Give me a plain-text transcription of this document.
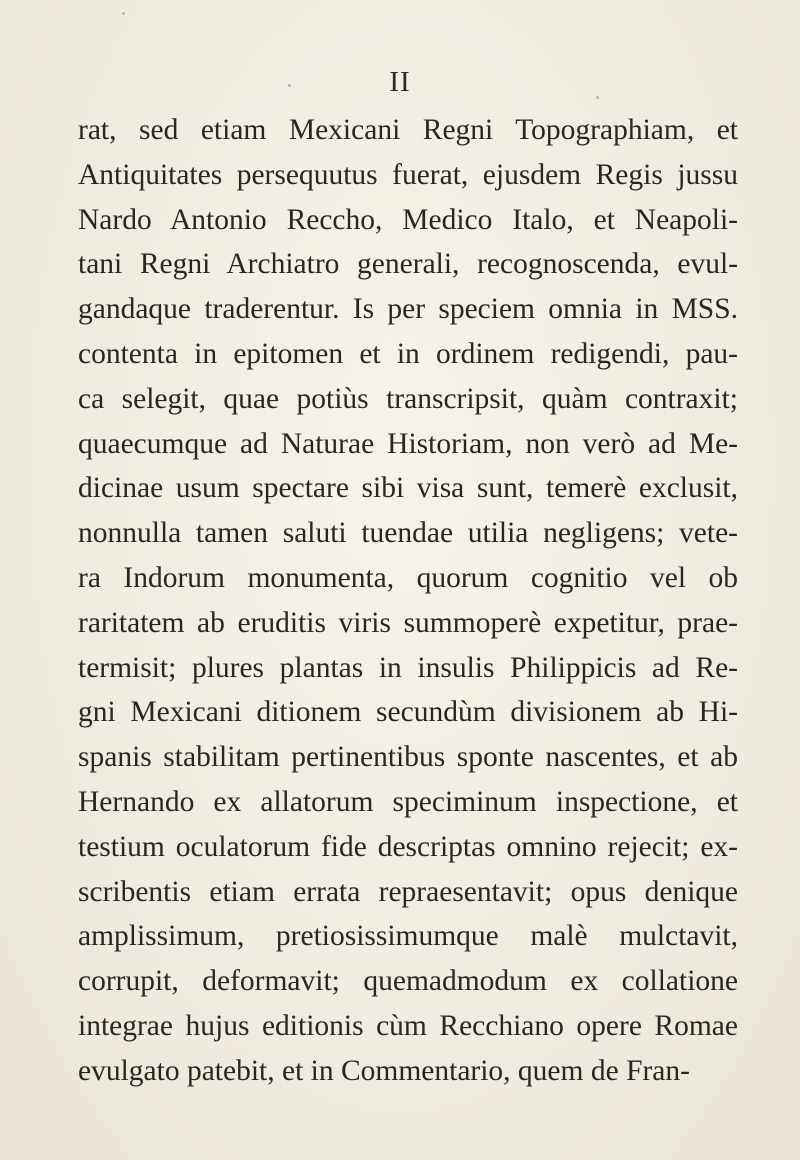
II
rat, sed etiam Mexicani Regni Topographiam, et
Antiquitates persequutus fuerat, ejusdem Regis jussu
Nardo Antonio Reccho, Medico Italo, et Neapoli-
tani Regni Archiatro generali, recognoscenda, evul-
gandaque traderentur. Is per speciem omnia in MSS.
contenta in epitomen et in ordinem redigendi, pau-
ca selegit, quae potiùs transcripsit, quàm contraxit;
quaecumque ad Naturae Historiam, non verò ad Me-
dicinae usum spectare sibi visa sunt, temerè exclusit,
nonnulla tamen saluti tuendae utilia negligens; vete-
ra Indorum monumenta, quorum cognitio vel ob
raritatem ab eruditis viris summoperè expetitur, prae-
termisit; plures plantas in insulis Philippicis ad Re-
gni Mexicani ditionem secundùm divisionem ab Hi-
spanis stabilitam pertinentibus sponte nascentes, et ab
Hernando ex allatorum speciminum inspectione, et
testium oculatorum fide descriptas omnino rejecit; ex-
scribentis etiam errata repraesentavit; opus denique
amplissimum, pretiosissimumque malè mulctavit,
corrupit, deformavit; quemadmodum ex collatione
integrae hujus editionis cùm Recchiano opere Romae
evulgato patebit, et in Commentario, quem de Fran-
